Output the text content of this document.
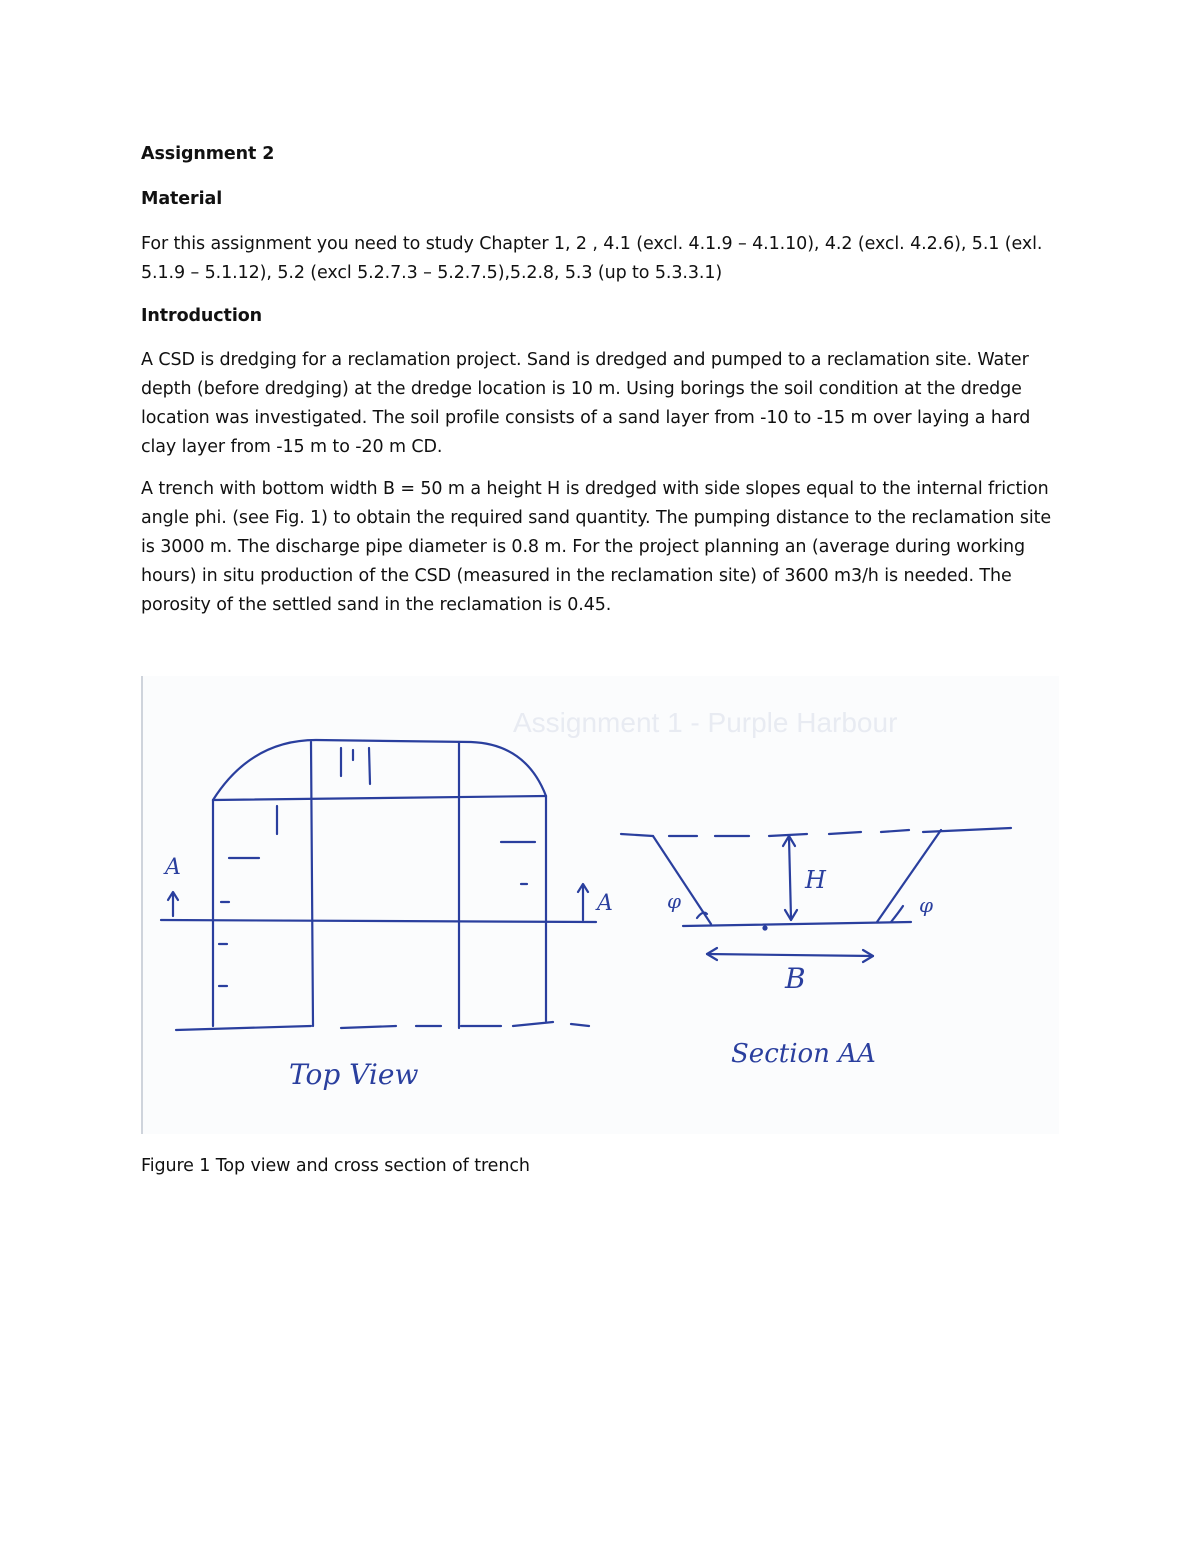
Assignment 2
Material
For this assignment you need to study Chapter 1, 2 , 4.1 (excl. 4.1.9 – 4.1.10), 4.2 (excl. 4.2.6), 5.1 (exl.
5.1.9 – 5.1.12), 5.2 (excl 5.2.7.3 – 5.2.7.5),5.2.8, 5.3 (up to 5.3.3.1)
Introduction
A CSD is dredging for a reclamation project. Sand is dredged and pumped to a reclamation site. Water
depth (before dredging) at the dredge location is 10 m. Using borings the soil condition at the dredge
location was investigated. The soil profile consists of a sand layer from -10 to -15 m over laying a hard
clay layer from -15 m to -20 m CD.
A trench with bottom width B = 50 m a height H is dredged with side slopes equal to the internal friction
angle phi. (see Fig. 1) to obtain the required sand quantity. The pumping distance to the reclamation site
is 3000 m. The discharge pipe diameter is 0.8 m. For the project planning an (average during working
hours) in situ production of the CSD (measured in the reclamation site) of 3600 m3/h is needed. The
porosity of the settled sand in the reclamation is 0.45.
Assignment 1 - Purple Harbour
A
A
H
B
φ	φ
Top View
Section AA
Figure 1 Top view and cross section of trench
